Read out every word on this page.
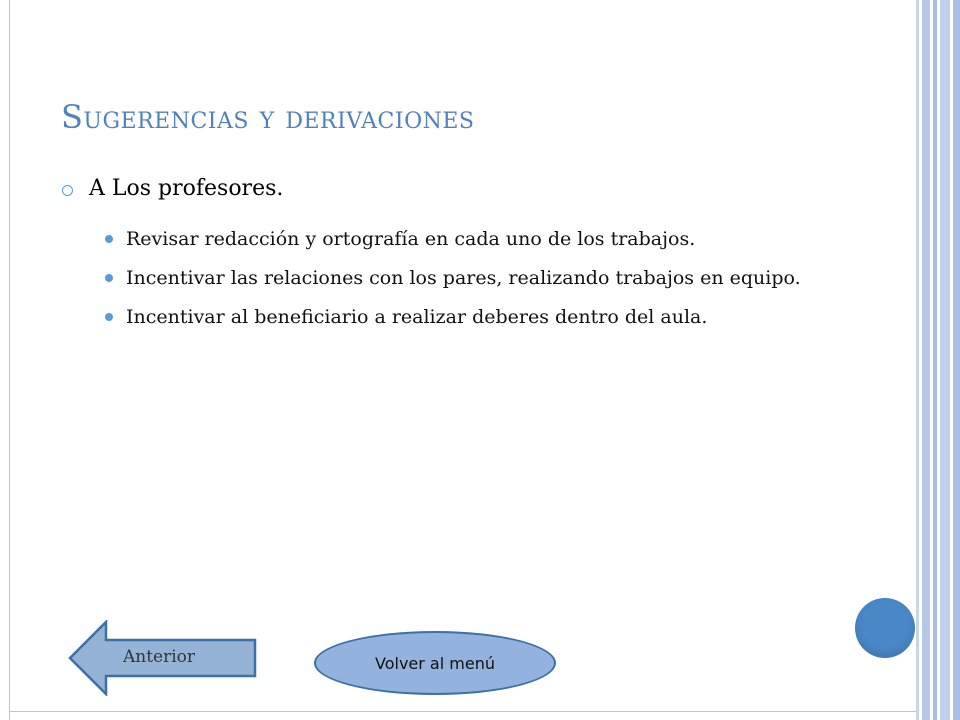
Sugerencias y derivaciones
A Los profesores.
Revisar redacción y ortografía en cada uno de los trabajos.
Incentivar las relaciones con los pares, realizando trabajos en equipo.
Incentivar al beneficiario a realizar deberes dentro del aula.
Anterior	Volver al menú
